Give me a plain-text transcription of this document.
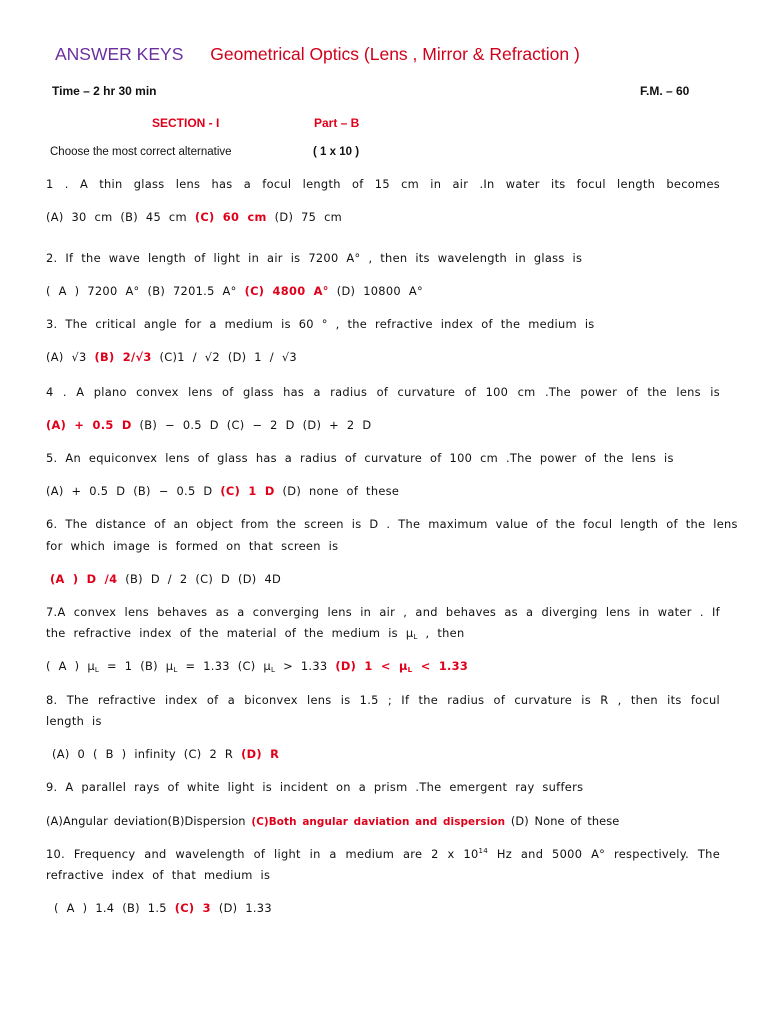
ANSWER KEYS Geometrical Optics (Lens , Mirror & Refraction )
Time – 2 hr 30 min	F.M. – 60
SECTION - I	Part – B
Choose the most correct alternative	( 1 x 10 )
1 . A thin glass lens has a focul length of 15 cm in air .In water its focul length becomes
(A) 30 cm (B) 45 cm (C) 60 cm (D) 75 cm
2. If the wave length of light in air is 7200 A° , then its wavelength in glass is
( A ) 7200 A° (B) 7201.5 A° (C) 4800 A° (D) 10800 A°
3. The critical angle for a medium is 60 ° , the refractive index of the medium is
(A) √3 (B) 2/√3 (C)1 / √2 (D) 1 / √3
4 . A plano convex lens of glass has a radius of curvature of 100 cm .The power of the lens is
(A) + 0.5 D (B) − 0.5 D (C) − 2 D (D) + 2 D
5. An equiconvex lens of glass has a radius of curvature of 100 cm .The power of the lens is
(A) + 0.5 D (B) − 0.5 D (C) 1 D (D) none of these
6. The distance of an object from the screen is D . The maximum value of the focul length of the lens
for which image is formed on that screen is
(A ) D /4 (B) D / 2 (C) D (D) 4D
7.A convex lens behaves as a converging lens in air , and behaves as a diverging lens in water . If
the refractive index of the material of the medium is $\mu_L$ , then
( A ) $\mu_L = 1$ (B) $\mu_L = 1.33$ (C) $\mu_L > 1.33$ (D) $1 < \mu_L < 1.33$
8. The refractive index of a biconvex lens is 1.5 ; If the radius of curvature is R , then its focul
length is
(A) 0 ( B ) infinity (C) 2 R (D) R
9. A parallel rays of white light is incident on a prism .The emergent ray suffers
(A)Angular deviation(B)Dispersion (C)Both angular daviation and dispersion (D) None of these
10. Frequency and wavelength of light in a medium are 2 x $10^{14}$ Hz and 5000 A° respectively. The
refractive index of that medium is
( A ) 1.4 (B) 1.5 (C) 3 (D) 1.33
